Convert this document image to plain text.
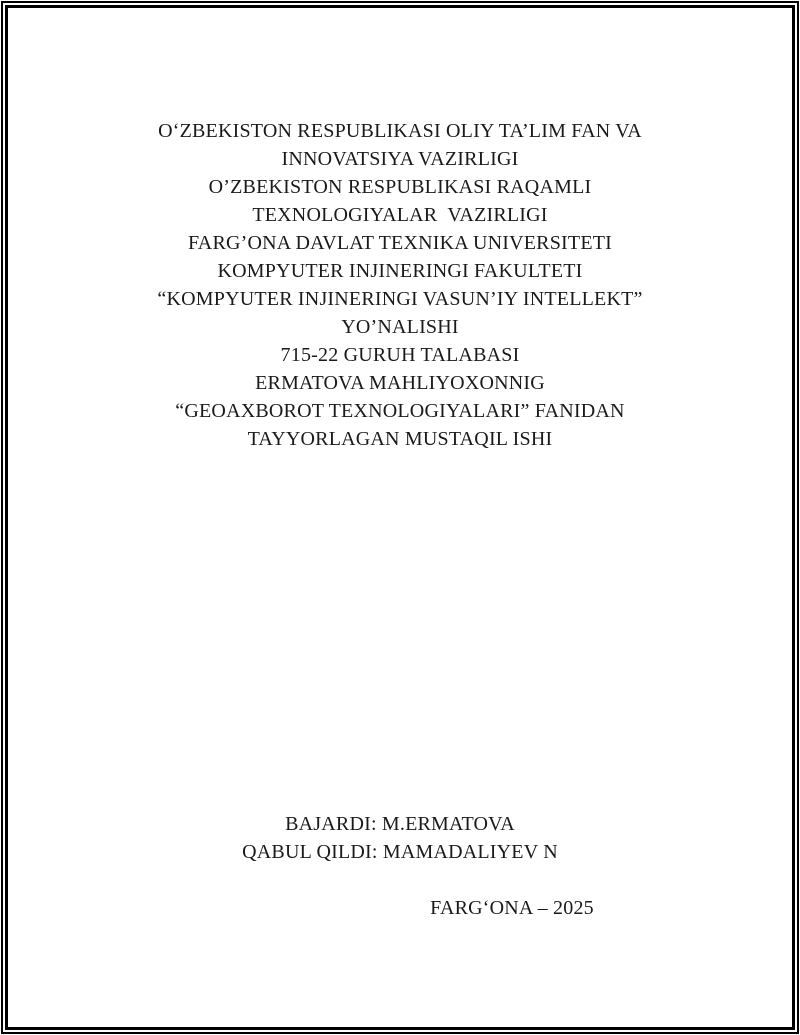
O‘ZBEKISTON RESPUBLIKASI OLIY TA’LIM FAN VA
INNOVATSIYA VAZIRLIGI
O’ZBEKISTON RESPUBLIKASI RAQAMLI
TEXNOLOGIYALAR  VAZIRLIGI
FARG’ONA DAVLAT TEXNIKA UNIVERSITETI
KOMPYUTER INJINERINGI FAKULTETI
“KOMPYUTER INJINERINGI VASUN’IY INTELLEKT”
YO’NALISHI
715-22 GURUH TALABASI
ERMATOVA MAHLIYOXONNIG
“GEOAXBOROT TEXNOLOGIYALARI” FANIDAN
TAYYORLAGAN MUSTAQIL ISHI
BAJARDI: M.ERMATOVA
QABUL QILDI: MAMADALIYEV N
FARG‘ONA – 2025
